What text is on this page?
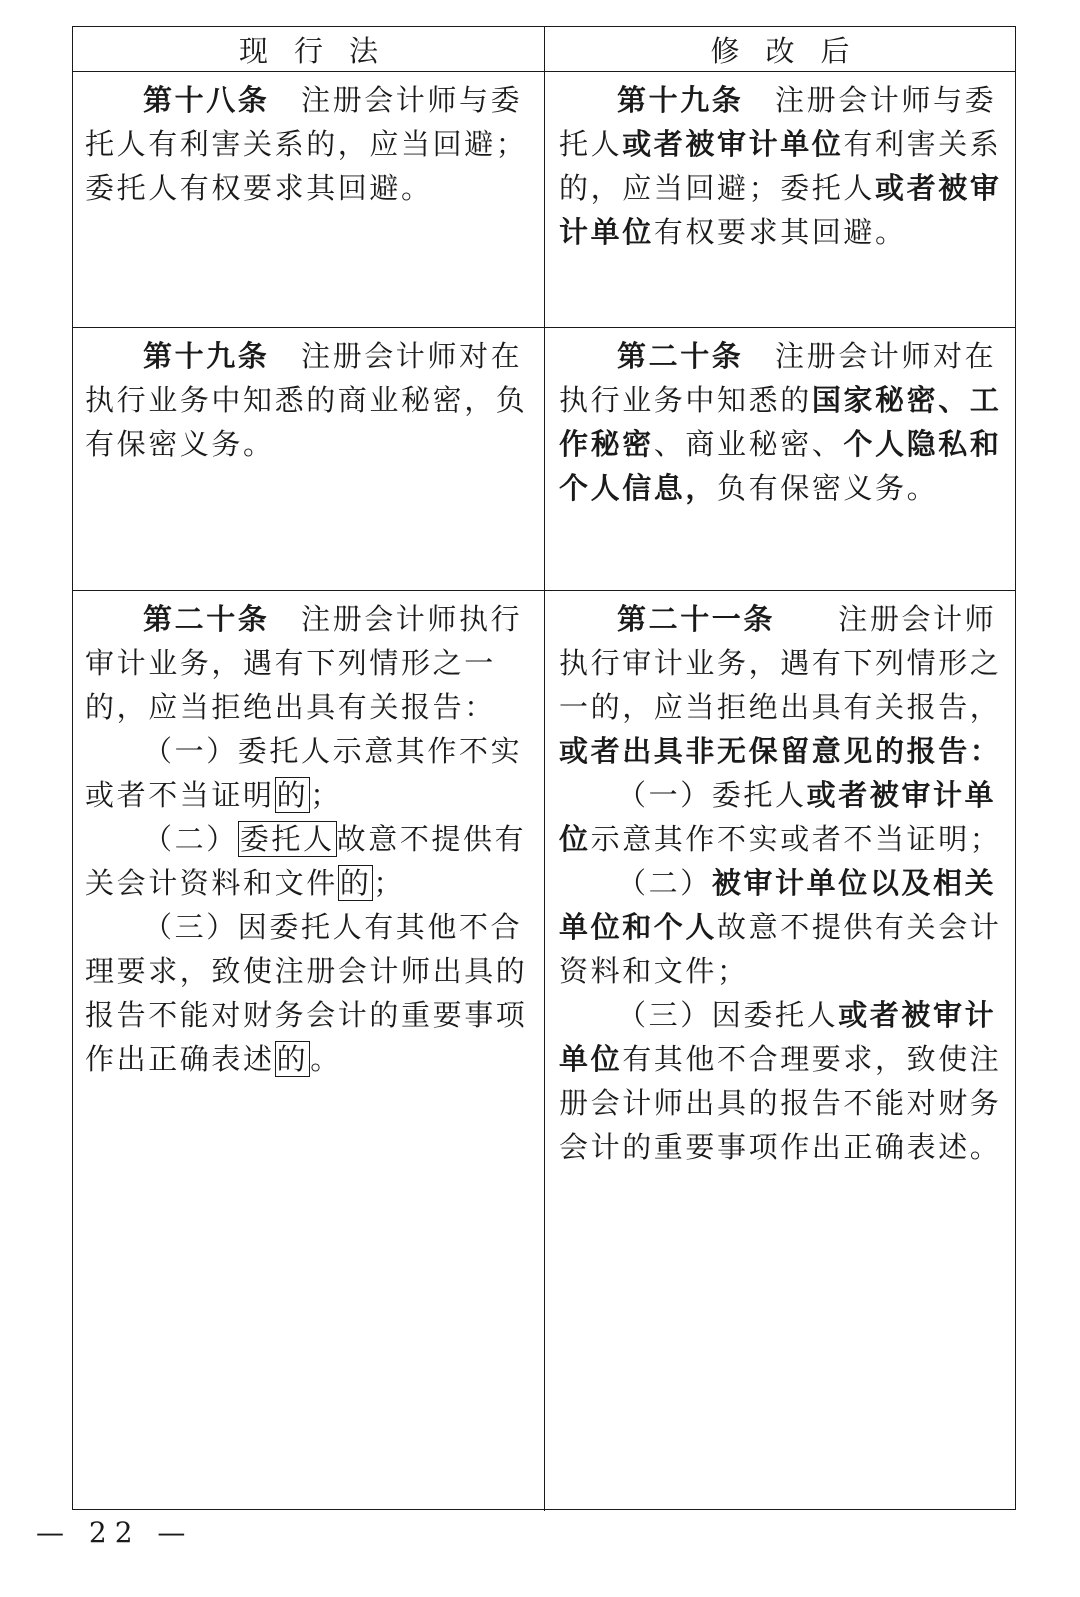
现行法	修改后

第十八条　注册会计师与委托人有利害关系的，应当回避；委托人有权要求其回避。

第十九条　注册会计师与委托人或者被审计单位有利害关系的，应当回避；委托人或者被审计单位有权要求其回避。

第十九条　注册会计师对在执行业务中知悉的商业秘密，负有保密义务。

第二十条　注册会计师对在执行业务中知悉的国家秘密、工作秘密、商业秘密、个人隐私和个人信息，负有保密义务。

第二十条　注册会计师执行审计业务，遇有下列情形之一的，应当拒绝出具有关报告：

（一）委托人示意其作不实或者不当证明的；

（二）委托人故意不提供有关会计资料和文件的；

（三）因委托人有其他不合理要求，致使注册会计师出具的报告不能对财务会计的重要事项作出正确表述的。

第二十一条　　注册会计师执行审计业务，遇有下列情形之一的，应当拒绝出具有关报告，或者出具非无保留意见的报告：

（一）委托人或者被审计单位示意其作不实或者不当证明；

（二）被审计单位以及相关单位和个人故意不提供有关会计资料和文件；

（三）因委托人或者被审计单位有其他不合理要求，致使注册会计师出具的报告不能对财务会计的重要事项作出正确表述。

— 22 —
